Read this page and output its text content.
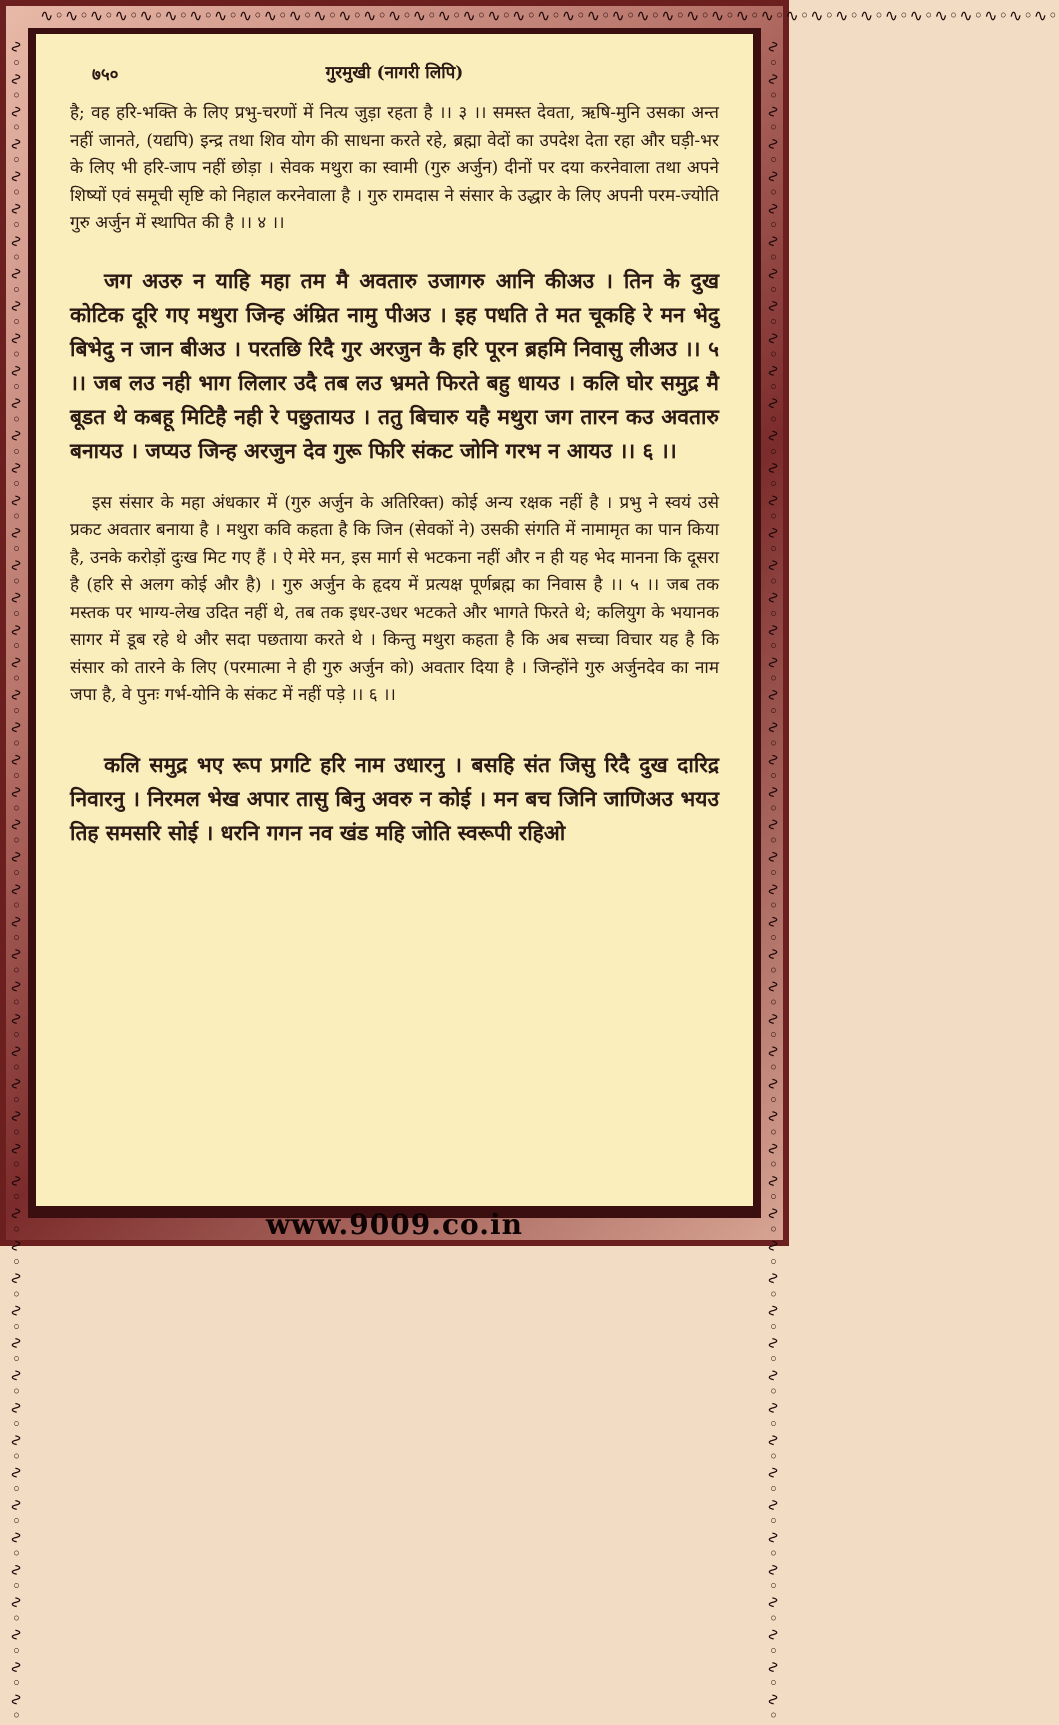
∿◦∿◦∿◦∿◦∿◦∿◦∿◦∿◦∿◦∿◦∿◦∿◦∿◦∿◦∿◦∿◦∿◦∿◦∿◦∿◦∿◦∿◦∿◦∿◦∿◦∿◦∿◦∿◦∿◦∿◦∿◦∿◦∿◦∿◦∿◦∿◦∿◦∿◦∿◦∿◦∿◦
∿◦∿◦∿◦∿◦∿◦∿◦∿◦∿◦∿◦∿◦∿◦∿◦∿◦∿◦∿◦∿◦∿◦∿◦∿◦∿◦∿◦∿◦∿◦∿◦∿◦∿◦∿◦∿◦∿◦∿◦∿◦∿◦∿◦∿◦∿◦∿◦∿◦∿◦∿◦∿◦∿◦∿◦∿◦∿◦∿◦∿◦∿◦∿◦∿◦∿◦∿◦∿◦	∿◦∿◦∿◦∿◦∿◦∿◦∿◦∿◦∿◦∿◦∿◦∿◦∿◦∿◦∿◦∿◦∿◦∿◦∿◦∿◦∿◦∿◦∿◦∿◦∿◦∿◦∿◦∿◦∿◦∿◦∿◦∿◦∿◦∿◦∿◦∿◦∿◦∿◦∿◦∿◦∿◦∿◦∿◦∿◦∿◦∿◦∿◦∿◦∿◦∿◦∿◦∿◦
७५०	गुरमुखी (नागरी लिपि)

है; वह हरि-भक्ति के लिए प्रभु-चरणों में नित्य जुड़ा रहता है ।। ३ ।। समस्त देवता, ऋषि-मुनि उसका अन्त नहीं जानते, (यद्यपि) इन्द्र तथा शिव योग की साधना करते रहे, ब्रह्मा वेदों का उपदेश देता रहा और घड़ी-भर के लिए भी हरि-जाप नहीं छोड़ा । सेवक मथुरा का स्वामी (गुरु अर्जुन) दीनों पर दया करनेवाला तथा अपने शिष्यों एवं समूची सृष्टि को निहाल करनेवाला है । गुरु रामदास ने संसार के उद्धार के लिए अपनी परम-ज्योति गुरु अर्जुन में स्थापित की है ।। ४ ।।

जग अउरु न याहि महा तम मै अवतारु उजागरु आनि कीअउ । तिन के दुख कोटिक दूरि गए मथुरा जिन्ह अंम्रित नामु पीअउ । इह पधति ते मत चूकहि रे मन भेदु बिभेदु न जान बीअउ । परतछि रिदै गुर अरजुन कै हरि पूरन ब्रहमि निवासु लीअउ ।। ५ ।। जब लउ नही भाग लिलार उदै तब लउ भ्रमते फिरते बहु धायउ । कलि घोर समुद्र मै बूडत थे कबहू मिटिहै नही रे पछुतायउ । ततु बिचारु यहै मथुरा जग तारन कउ अवतारु बनायउ । जप्यउ जिन्ह अरजुन देव गुरू फिरि संकट जोनि गरभ न आयउ ।। ६ ।।

इस संसार के महा अंधकार में (गुरु अर्जुन के अतिरिक्त) कोई अन्य रक्षक नहीं है । प्रभु ने स्वयं उसे प्रकट अवतार बनाया है । मथुरा कवि कहता है कि जिन (सेवकों ने) उसकी संगति में नामामृत का पान किया है, उनके करोड़ों दुःख मिट गए हैं । ऐ मेरे मन, इस मार्ग से भटकना नहीं और न ही यह भेद मानना कि दूसरा है (हरि से अलग कोई और है) । गुरु अर्जुन के हृदय में प्रत्यक्ष पूर्णब्रह्म का निवास है ।। ५ ।। जब तक मस्तक पर भाग्य-लेख उदित नहीं थे, तब तक इधर-उधर भटकते और भागते फिरते थे; कलियुग के भयानक सागर में डूब रहे थे और सदा पछताया करते थे । किन्तु मथुरा कहता है कि अब सच्चा विचार यह है कि संसार को तारने के लिए (परमात्मा ने ही गुरु अर्जुन को) अवतार दिया है । जिन्होंने गुरु अर्जुनदेव का नाम जपा है, वे पुनः गर्भ-योनि के संकट में नहीं पड़े ।। ६ ।।

कलि समुद्र भए रूप प्रगटि हरि नाम उधारनु । बसहि संत जिसु रिदै दुख दारिद्र निवारनु । निरमल भेख अपार तासु बिनु अवरु न कोई । मन बच जिनि जाणिअउ भयउ तिह समसरि सोई । धरनि गगन नव खंड महि जोति स्वरूपी रहिओ

www.9009.co.in
